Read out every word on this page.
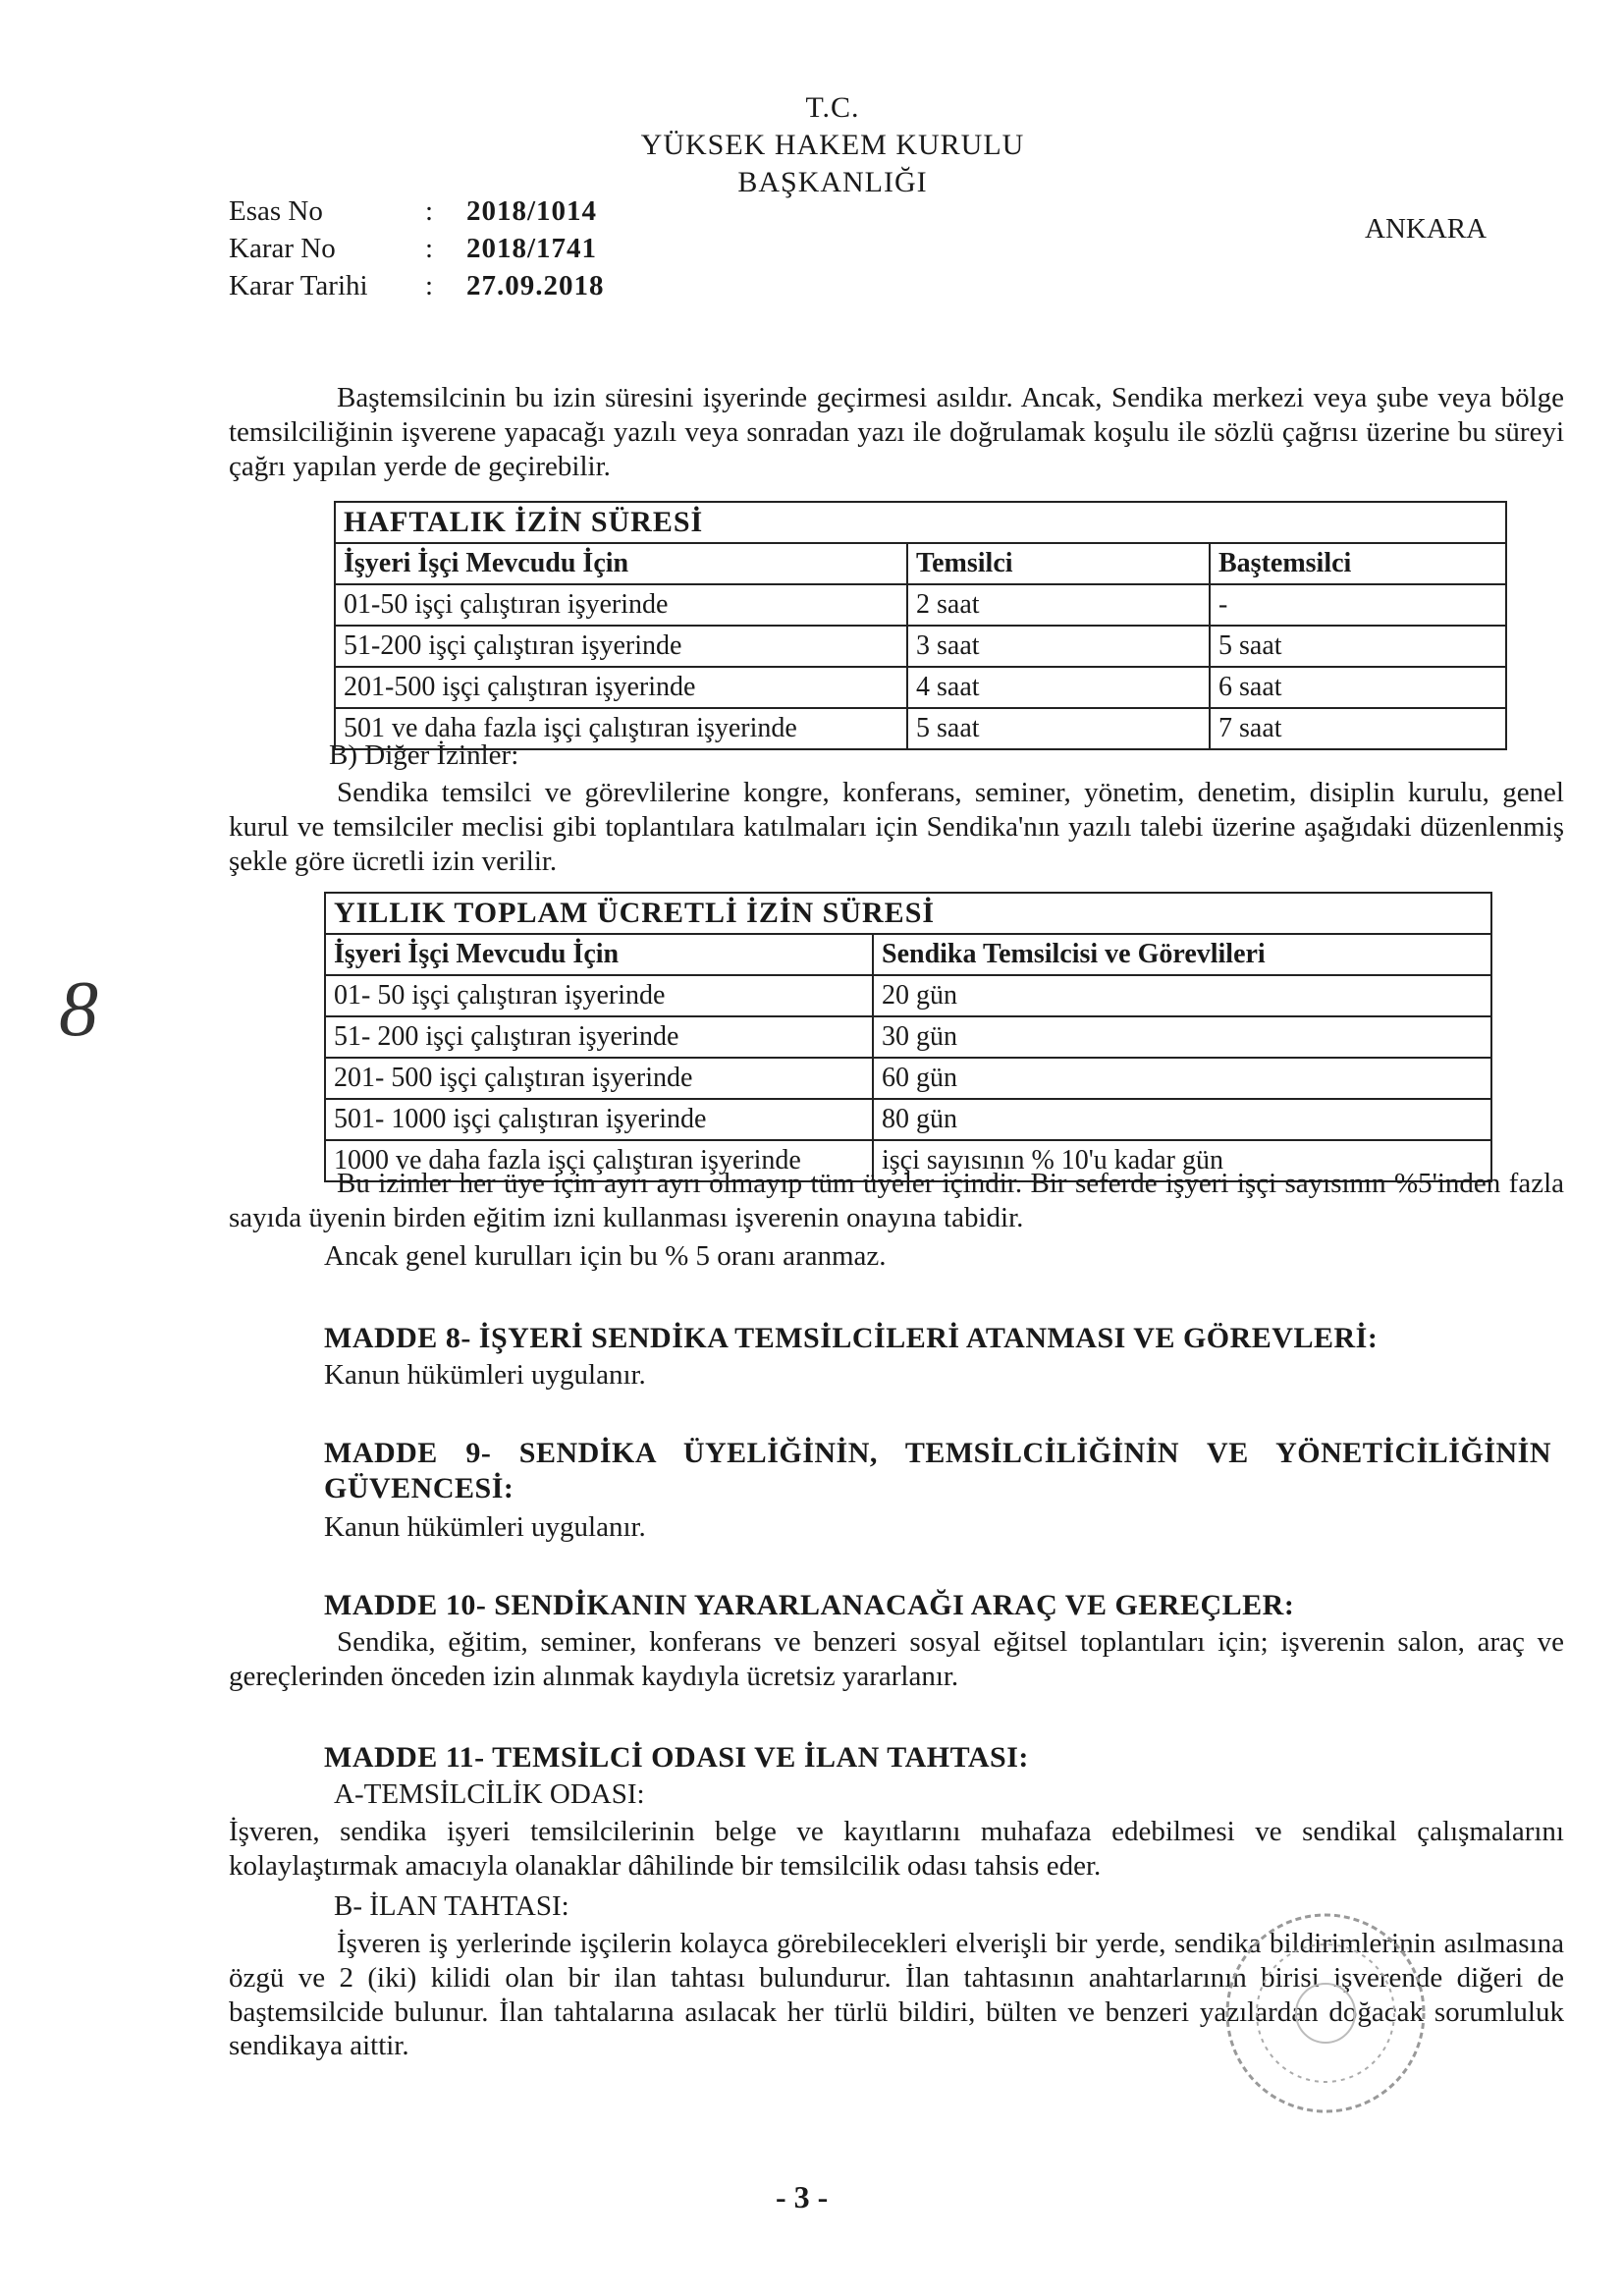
T.C.
YÜKSEK HAKEM KURULU
BAŞKANLIĞI
ANKARA
Esas No	:	2018/1014
Karar No	:	2018/1741
Karar Tarihi	:	27.09.2018

Baştemsilcinin bu izin süresini işyerinde geçirmesi asıldır. Ancak, Sendika merkezi veya şube veya bölge temsilciliğinin işverene yapacağı yazılı veya sonradan yazı ile doğrulamak koşulu ile sözlü çağrısı üzerine bu süreyi çağrı yapılan yerde de geçirebilir.

HAFTALIK İZİN SÜRESİ		
İşyeri İşçi Mevcudu İçin	Temsilci	Baştemsilci
01-50 işçi çalıştıran işyerinde	2 saat	-
51-200 işçi çalıştıran işyerinde	3 saat	5 saat
201-500 işçi çalıştıran işyerinde	4 saat	6 saat
501 ve daha fazla işçi çalıştıran işyerinde	5 saat	7 saat

B) Diğer İzinler:

Sendika temsilci ve görevlilerine kongre, konferans, seminer, yönetim, denetim, disiplin kurulu, genel kurul ve temsilciler meclisi gibi toplantılara katılmaları için Sendika'nın yazılı talebi üzerine aşağıdaki düzenlenmiş şekle göre ücretli izin verilir.

YILLIK TOPLAM ÜCRETLİ İZİN SÜRESİ	
İşyeri İşçi Mevcudu İçin	Sendika Temsilcisi ve Görevlileri
01- 50 işçi çalıştıran işyerinde	20 gün
51- 200 işçi çalıştıran işyerinde	30 gün
201- 500 işçi çalıştıran işyerinde	60 gün
501- 1000 işçi çalıştıran işyerinde	80 gün
1000 ve daha fazla işçi çalıştıran işyerinde	işçi sayısının % 10'u kadar gün

Bu izinler her üye için ayrı ayrı olmayıp tüm üyeler içindir. Bir seferde işyeri işçi sayısının %5'inden fazla sayıda üyenin birden eğitim izni kullanması işverenin onayına tabidir.

Ancak genel kurulları için bu % 5 oranı aranmaz.

MADDE 8- İŞYERİ SENDİKA TEMSİLCİLERİ ATANMASI VE GÖREVLERİ:

Kanun hükümleri uygulanır.

MADDE 9- SENDİKA ÜYELİĞİNİN, TEMSİLCİLİĞİNİN VE YÖNETİCİLİĞİNİN GÜVENCESİ:

Kanun hükümleri uygulanır.

MADDE 10- SENDİKANIN YARARLANACAĞI ARAÇ VE GEREÇLER:

Sendika, eğitim, seminer, konferans ve benzeri sosyal eğitsel toplantıları için; işverenin salon, araç ve gereçlerinden önceden izin alınmak kaydıyla ücretsiz yararlanır.

MADDE 11- TEMSİLCİ ODASI VE İLAN TAHTASI:

A-TEMSİLCİLİK ODASI:

İşveren, sendika işyeri temsilcilerinin belge ve kayıtlarını muhafaza edebilmesi ve sendikal çalışmalarını kolaylaştırmak amacıyla olanaklar dâhilinde bir temsilcilik odası tahsis eder.

B- İLAN TAHTASI:

İşveren iş yerlerinde işçilerin kolayca görebilecekleri elverişli bir yerde, sendika bildirimlerinin asılmasına özgü ve 2 (iki) kilidi olan bir ilan tahtası bulundurur. İlan tahtasının anahtarlarının birisi işverende diğeri de baştemsilcide bulunur. İlan tahtalarına asılacak her türlü bildiri, bülten ve benzeri yazılardan doğacak sorumluluk sendikaya aittir.

8
- 3 -
